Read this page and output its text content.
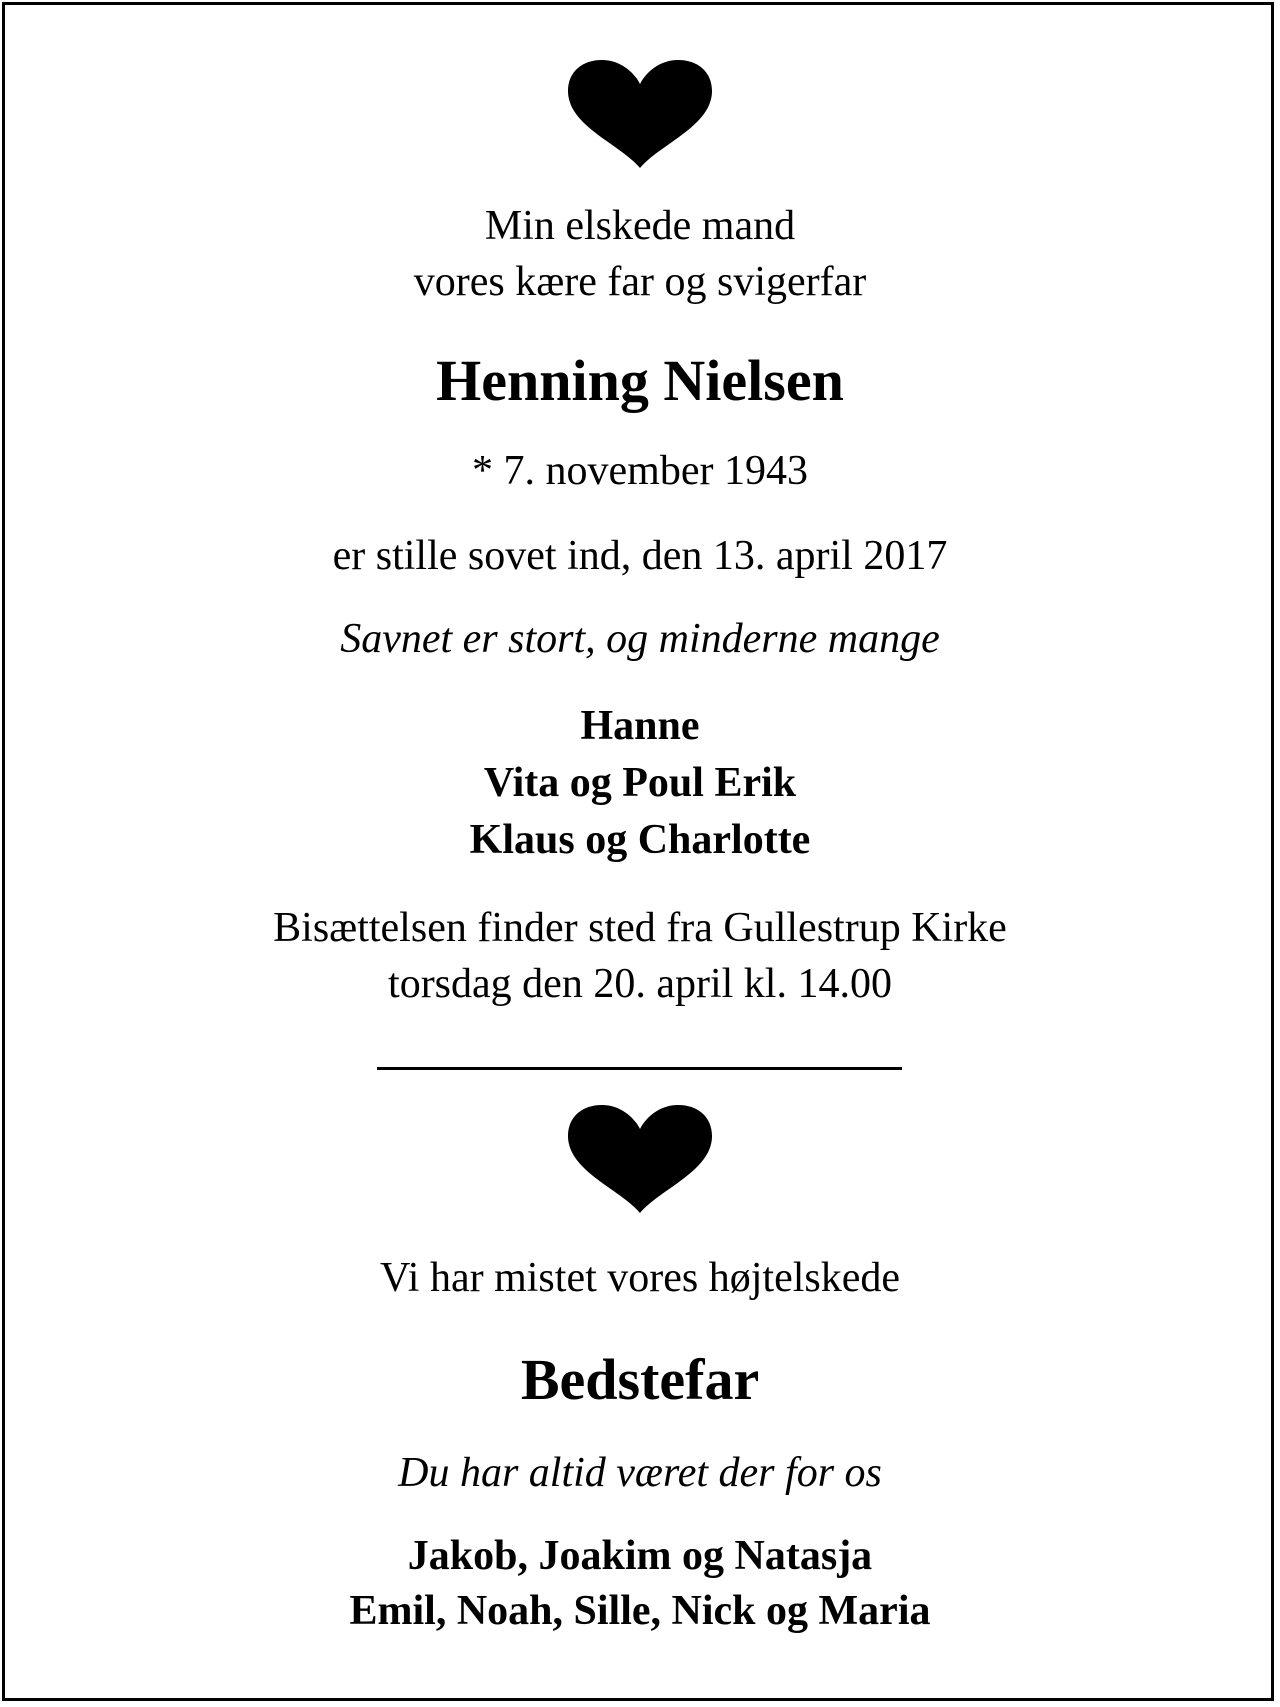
Min elskede mand
vores kære far og svigerfar
Henning Nielsen
* 7. november 1943
er stille sovet ind, den 13. april 2017
Savnet er stort, og minderne mange
Hanne
Vita og Poul Erik
Klaus og Charlotte
Bisættelsen finder sted fra Gullestrup Kirke
torsdag den 20. april kl. 14.00
Vi har mistet vores højtelskede
Bedstefar
Du har altid været der for os
Jakob, Joakim og Natasja
Emil, Noah, Sille, Nick og Maria
